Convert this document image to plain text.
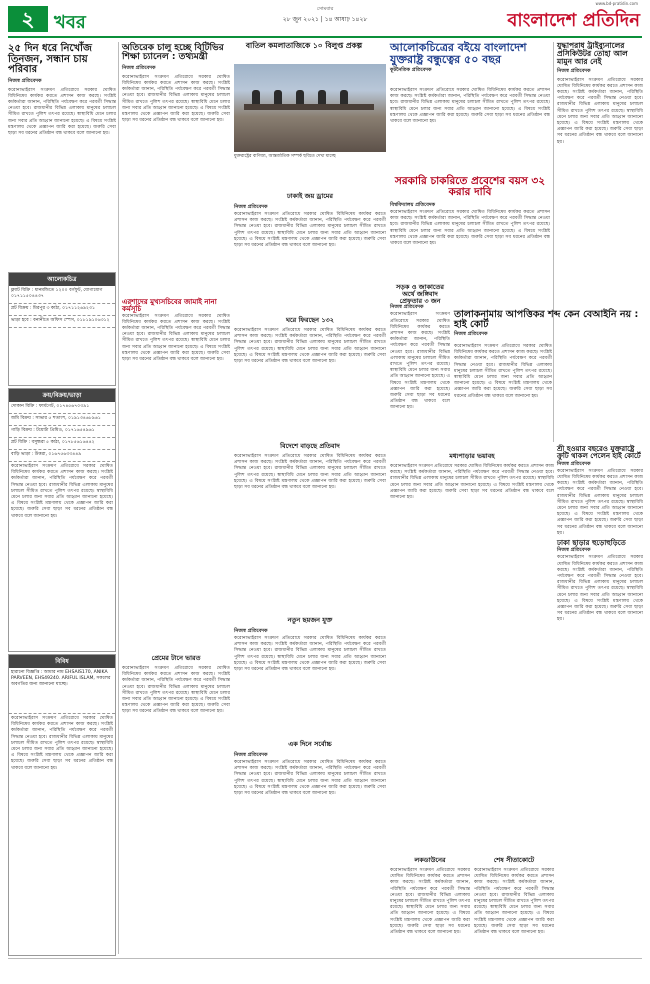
২	খবর
সোমবার
২৮ জুন ২০২১ | ১৪ আষাঢ় ১৪২৮	বাংলাদেশ প্রতিদিন
www.bd-pratidin.com
২৫ দিন ধরে নিখোঁজ তিনজন, সন্ধান চায় পরিবার
নিজস্ব প্রতিবেদক
করোনাভাইরাস সংক্রমণ প্রতিরোধে সরকার ঘোষিত বিধিনিষেধ কার্যকর করতে প্রশাসন কাজ করছে। সংশ্লিষ্ট কর্মকর্তারা জানান, পরিস্থিতি পর্যবেক্ষণ করে পরবর্তী সিদ্ধান্ত নেওয়া হবে। রাজধানীর বিভিন্ন এলাকায় মানুষের চলাচল সীমিত রাখতে পুলিশ তৎপর রয়েছে। স্বাস্থ্যবিধি মেনে চলার জন্য সবার প্রতি আহ্বান জানানো হয়েছে। এ বিষয়ে সংশ্লিষ্ট মন্ত্রণালয় থেকে প্রজ্ঞাপন জারি করা হয়েছে। জরুরি সেবা ছাড়া সব ধরনের প্রতিষ্ঠান বন্ধ থাকবে বলে জানানো হয়।
আলোকচিত্র
ফ্ল্যাট বিক্রি : ধানমন্ডিতে ১২০০ বর্গফুট, যোগাযোগ ০১৭১১৫০৪৪৩৭
প্লট বিক্রয় : মিরপুর ৩ কাঠা, ০১৭১১২৬৯২৩১
ভাড়া হবে : বনানীতে অফিস স্পেস, ০১৮১৯১০৬৩১২
ক্রয়/বিক্রয়/ভাড়া
দোকান বিক্রি : ফার্মগেট, ০১৭৪৫৬৭০৩৯১
জমি বিক্রয় : সাভার ৫ শতাংশ, ০১৯১৩৪৬৮৯৬১
গাড়ি বিক্রয় : টয়োটা প্রিমিও, ০১৭১৬৫৪৯৬১
প্লট বিক্রি : বসুন্ধরা ৫ কাঠা, ০১৭৮৫৬১৬৪৪২
বাড়ি ভাড়া : উত্তরা, ০১৬৭৫৬৩৩৪৪৯
করোনাভাইরাস সংক্রমণ প্রতিরোধে সরকার ঘোষিত বিধিনিষেধ কার্যকর করতে প্রশাসন কাজ করছে। সংশ্লিষ্ট কর্মকর্তারা জানান, পরিস্থিতি পর্যবেক্ষণ করে পরবর্তী সিদ্ধান্ত নেওয়া হবে। রাজধানীর বিভিন্ন এলাকায় মানুষের চলাচল সীমিত রাখতে পুলিশ তৎপর রয়েছে। স্বাস্থ্যবিধি মেনে চলার জন্য সবার প্রতি আহ্বান জানানো হয়েছে। এ বিষয়ে সংশ্লিষ্ট মন্ত্রণালয় থেকে প্রজ্ঞাপন জারি করা হয়েছে। জরুরি সেবা ছাড়া সব ধরনের প্রতিষ্ঠান বন্ধ থাকবে বলে জানানো হয়।
বিবিধ
হারানো বিজ্ঞপ্তি : আমার নাম EHSAIS170, ANIKA PARVEEN, EHS49240. ARIFUL ISLAM, সকলের অবগতির জন্য জানানো যাচ্ছে।
করোনাভাইরাস সংক্রমণ প্রতিরোধে সরকার ঘোষিত বিধিনিষেধ কার্যকর করতে প্রশাসন কাজ করছে। সংশ্লিষ্ট কর্মকর্তারা জানান, পরিস্থিতি পর্যবেক্ষণ করে পরবর্তী সিদ্ধান্ত নেওয়া হবে। রাজধানীর বিভিন্ন এলাকায় মানুষের চলাচল সীমিত রাখতে পুলিশ তৎপর রয়েছে। স্বাস্থ্যবিধি মেনে চলার জন্য সবার প্রতি আহ্বান জানানো হয়েছে। এ বিষয়ে সংশ্লিষ্ট মন্ত্রণালয় থেকে প্রজ্ঞাপন জারি করা হয়েছে। জরুরি সেবা ছাড়া সব ধরনের প্রতিষ্ঠান বন্ধ থাকবে বলে জানানো হয়।
অতিরেক চালু হচ্ছে বিটিভির শিক্ষা চ্যানেল : তথ্যমন্ত্রী
নিজস্ব প্রতিবেদক
করোনাভাইরাস সংক্রমণ প্রতিরোধে সরকার ঘোষিত বিধিনিষেধ কার্যকর করতে প্রশাসন কাজ করছে। সংশ্লিষ্ট কর্মকর্তারা জানান, পরিস্থিতি পর্যবেক্ষণ করে পরবর্তী সিদ্ধান্ত নেওয়া হবে। রাজধানীর বিভিন্ন এলাকায় মানুষের চলাচল সীমিত রাখতে পুলিশ তৎপর রয়েছে। স্বাস্থ্যবিধি মেনে চলার জন্য সবার প্রতি আহ্বান জানানো হয়েছে। এ বিষয়ে সংশ্লিষ্ট মন্ত্রণালয় থেকে প্রজ্ঞাপন জারি করা হয়েছে। জরুরি সেবা ছাড়া সব ধরনের প্রতিষ্ঠান বন্ধ থাকবে বলে জানানো হয়।
এরশাদের মুখ্যসচিবের জামাই নানা কর্মসূচি
করোনাভাইরাস সংক্রমণ প্রতিরোধে সরকার ঘোষিত বিধিনিষেধ কার্যকর করতে প্রশাসন কাজ করছে। সংশ্লিষ্ট কর্মকর্তারা জানান, পরিস্থিতি পর্যবেক্ষণ করে পরবর্তী সিদ্ধান্ত নেওয়া হবে। রাজধানীর বিভিন্ন এলাকায় মানুষের চলাচল সীমিত রাখতে পুলিশ তৎপর রয়েছে। স্বাস্থ্যবিধি মেনে চলার জন্য সবার প্রতি আহ্বান জানানো হয়েছে। এ বিষয়ে সংশ্লিষ্ট মন্ত্রণালয় থেকে প্রজ্ঞাপন জারি করা হয়েছে। জরুরি সেবা ছাড়া সব ধরনের প্রতিষ্ঠান বন্ধ থাকবে বলে জানানো হয়।
প্রেমের টানে ভারত
করোনাভাইরাস সংক্রমণ প্রতিরোধে সরকার ঘোষিত বিধিনিষেধ কার্যকর করতে প্রশাসন কাজ করছে। সংশ্লিষ্ট কর্মকর্তারা জানান, পরিস্থিতি পর্যবেক্ষণ করে পরবর্তী সিদ্ধান্ত নেওয়া হবে। রাজধানীর বিভিন্ন এলাকায় মানুষের চলাচল সীমিত রাখতে পুলিশ তৎপর রয়েছে। স্বাস্থ্যবিধি মেনে চলার জন্য সবার প্রতি আহ্বান জানানো হয়েছে। এ বিষয়ে সংশ্লিষ্ট মন্ত্রণালয় থেকে প্রজ্ঞাপন জারি করা হয়েছে। জরুরি সেবা ছাড়া সব ধরনের প্রতিষ্ঠান বন্ধ থাকবে বলে জানানো হয়।
বাতিল কমলাতাজিকে ১০ বিলুপ্ত প্রকল্প
যুক্তরাষ্ট্রের বাণিজ্য, আন্তর্জাতিক সম্পর্ক ছবিতে দেখা যাচ্ছে
ঢাকাই জয় ড্রামের
নিজস্ব প্রতিবেদক
করোনাভাইরাস সংক্রমণ প্রতিরোধে সরকার ঘোষিত বিধিনিষেধ কার্যকর করতে প্রশাসন কাজ করছে। সংশ্লিষ্ট কর্মকর্তারা জানান, পরিস্থিতি পর্যবেক্ষণ করে পরবর্তী সিদ্ধান্ত নেওয়া হবে। রাজধানীর বিভিন্ন এলাকায় মানুষের চলাচল সীমিত রাখতে পুলিশ তৎপর রয়েছে। স্বাস্থ্যবিধি মেনে চলার জন্য সবার প্রতি আহ্বান জানানো হয়েছে। এ বিষয়ে সংশ্লিষ্ট মন্ত্রণালয় থেকে প্রজ্ঞাপন জারি করা হয়েছে। জরুরি সেবা ছাড়া সব ধরনের প্রতিষ্ঠান বন্ধ থাকবে বলে জানানো হয়।
ঘরে ফিরছেন ১৩২
করোনাভাইরাস সংক্রমণ প্রতিরোধে সরকার ঘোষিত বিধিনিষেধ কার্যকর করতে প্রশাসন কাজ করছে। সংশ্লিষ্ট কর্মকর্তারা জানান, পরিস্থিতি পর্যবেক্ষণ করে পরবর্তী সিদ্ধান্ত নেওয়া হবে। রাজধানীর বিভিন্ন এলাকায় মানুষের চলাচল সীমিত রাখতে পুলিশ তৎপর রয়েছে। স্বাস্থ্যবিধি মেনে চলার জন্য সবার প্রতি আহ্বান জানানো হয়েছে। এ বিষয়ে সংশ্লিষ্ট মন্ত্রণালয় থেকে প্রজ্ঞাপন জারি করা হয়েছে। জরুরি সেবা ছাড়া সব ধরনের প্রতিষ্ঠান বন্ধ থাকবে বলে জানানো হয়।
বিদেশে বাড়ছে প্রতিবাদ
করোনাভাইরাস সংক্রমণ প্রতিরোধে সরকার ঘোষিত বিধিনিষেধ কার্যকর করতে প্রশাসন কাজ করছে। সংশ্লিষ্ট কর্মকর্তারা জানান, পরিস্থিতি পর্যবেক্ষণ করে পরবর্তী সিদ্ধান্ত নেওয়া হবে। রাজধানীর বিভিন্ন এলাকায় মানুষের চলাচল সীমিত রাখতে পুলিশ তৎপর রয়েছে। স্বাস্থ্যবিধি মেনে চলার জন্য সবার প্রতি আহ্বান জানানো হয়েছে। এ বিষয়ে সংশ্লিষ্ট মন্ত্রণালয় থেকে প্রজ্ঞাপন জারি করা হয়েছে। জরুরি সেবা ছাড়া সব ধরনের প্রতিষ্ঠান বন্ধ থাকবে বলে জানানো হয়।
আলোকচিত্রের বইয়ে বাংলাদেশ
যুক্তরাষ্ট্র বন্ধুত্বের ৫০ বছর
কূটনৈতিক প্রতিবেদক
করোনাভাইরাস সংক্রমণ প্রতিরোধে সরকার ঘোষিত বিধিনিষেধ কার্যকর করতে প্রশাসন কাজ করছে। সংশ্লিষ্ট কর্মকর্তারা জানান, পরিস্থিতি পর্যবেক্ষণ করে পরবর্তী সিদ্ধান্ত নেওয়া হবে। রাজধানীর বিভিন্ন এলাকায় মানুষের চলাচল সীমিত রাখতে পুলিশ তৎপর রয়েছে। স্বাস্থ্যবিধি মেনে চলার জন্য সবার প্রতি আহ্বান জানানো হয়েছে। এ বিষয়ে সংশ্লিষ্ট মন্ত্রণালয় থেকে প্রজ্ঞাপন জারি করা হয়েছে। জরুরি সেবা ছাড়া সব ধরনের প্রতিষ্ঠান বন্ধ থাকবে বলে জানানো হয়।
যুদ্ধাপরাধ ট্রাইব্যুনালের প্রসিকিউটর তোহা আল মামুন আর নেই
নিজস্ব প্রতিবেদক
করোনাভাইরাস সংক্রমণ প্রতিরোধে সরকার ঘোষিত বিধিনিষেধ কার্যকর করতে প্রশাসন কাজ করছে। সংশ্লিষ্ট কর্মকর্তারা জানান, পরিস্থিতি পর্যবেক্ষণ করে পরবর্তী সিদ্ধান্ত নেওয়া হবে। রাজধানীর বিভিন্ন এলাকায় মানুষের চলাচল সীমিত রাখতে পুলিশ তৎপর রয়েছে। স্বাস্থ্যবিধি মেনে চলার জন্য সবার প্রতি আহ্বান জানানো হয়েছে। এ বিষয়ে সংশ্লিষ্ট মন্ত্রণালয় থেকে প্রজ্ঞাপন জারি করা হয়েছে। জরুরি সেবা ছাড়া সব ধরনের প্রতিষ্ঠান বন্ধ থাকবে বলে জানানো হয়।
সরকারি চাকরিতে প্রবেশের বয়স ৩২ করার দাবি
বিশ্ববিদ্যালয় প্রতিবেদক
করোনাভাইরাস সংক্রমণ প্রতিরোধে সরকার ঘোষিত বিধিনিষেধ কার্যকর করতে প্রশাসন কাজ করছে। সংশ্লিষ্ট কর্মকর্তারা জানান, পরিস্থিতি পর্যবেক্ষণ করে পরবর্তী সিদ্ধান্ত নেওয়া হবে। রাজধানীর বিভিন্ন এলাকায় মানুষের চলাচল সীমিত রাখতে পুলিশ তৎপর রয়েছে। স্বাস্থ্যবিধি মেনে চলার জন্য সবার প্রতি আহ্বান জানানো হয়েছে। এ বিষয়ে সংশ্লিষ্ট মন্ত্রণালয় থেকে প্রজ্ঞাপন জারি করা হয়েছে। জরুরি সেবা ছাড়া সব ধরনের প্রতিষ্ঠান বন্ধ থাকবে বলে জানানো হয়।
সড়ক ও জাকাতের অর্থে জঙ্গিবাদ প্রেফতার ৩ জন
নিজস্ব প্রতিবেদক
করোনাভাইরাস সংক্রমণ প্রতিরোধে সরকার ঘোষিত বিধিনিষেধ কার্যকর করতে প্রশাসন কাজ করছে। সংশ্লিষ্ট কর্মকর্তারা জানান, পরিস্থিতি পর্যবেক্ষণ করে পরবর্তী সিদ্ধান্ত নেওয়া হবে। রাজধানীর বিভিন্ন এলাকায় মানুষের চলাচল সীমিত রাখতে পুলিশ তৎপর রয়েছে। স্বাস্থ্যবিধি মেনে চলার জন্য সবার প্রতি আহ্বান জানানো হয়েছে। এ বিষয়ে সংশ্লিষ্ট মন্ত্রণালয় থেকে প্রজ্ঞাপন জারি করা হয়েছে। জরুরি সেবা ছাড়া সব ধরনের প্রতিষ্ঠান বন্ধ থাকবে বলে জানানো হয়।
তালাকনামায় আপত্তিকর শব্দ কেন বেআইনি নয় : হাই কোর্ট
নিজস্ব প্রতিবেদক
করোনাভাইরাস সংক্রমণ প্রতিরোধে সরকার ঘোষিত বিধিনিষেধ কার্যকর করতে প্রশাসন কাজ করছে। সংশ্লিষ্ট কর্মকর্তারা জানান, পরিস্থিতি পর্যবেক্ষণ করে পরবর্তী সিদ্ধান্ত নেওয়া হবে। রাজধানীর বিভিন্ন এলাকায় মানুষের চলাচল সীমিত রাখতে পুলিশ তৎপর রয়েছে। স্বাস্থ্যবিধি মেনে চলার জন্য সবার প্রতি আহ্বান জানানো হয়েছে। এ বিষয়ে সংশ্লিষ্ট মন্ত্রণালয় থেকে প্রজ্ঞাপন জারি করা হয়েছে। জরুরি সেবা ছাড়া সব ধরনের প্রতিষ্ঠান বন্ধ থাকবে বলে জানানো হয়।
শ্রী হওয়ার বছরেও যুক্তরাষ্ট্রে ক্রুটি থাকল পেলেন হাই কোর্টে
নিজস্ব প্রতিবেদক
করোনাভাইরাস সংক্রমণ প্রতিরোধে সরকার ঘোষিত বিধিনিষেধ কার্যকর করতে প্রশাসন কাজ করছে। সংশ্লিষ্ট কর্মকর্তারা জানান, পরিস্থিতি পর্যবেক্ষণ করে পরবর্তী সিদ্ধান্ত নেওয়া হবে। রাজধানীর বিভিন্ন এলাকায় মানুষের চলাচল সীমিত রাখতে পুলিশ তৎপর রয়েছে। স্বাস্থ্যবিধি মেনে চলার জন্য সবার প্রতি আহ্বান জানানো হয়েছে। এ বিষয়ে সংশ্লিষ্ট মন্ত্রণালয় থেকে প্রজ্ঞাপন জারি করা হয়েছে। জরুরি সেবা ছাড়া সব ধরনের প্রতিষ্ঠান বন্ধ থাকবে বলে জানানো হয়।
মধ্যপাড়ার ভয়াবহ
করোনাভাইরাস সংক্রমণ প্রতিরোধে সরকার ঘোষিত বিধিনিষেধ কার্যকর করতে প্রশাসন কাজ করছে। সংশ্লিষ্ট কর্মকর্তারা জানান, পরিস্থিতি পর্যবেক্ষণ করে পরবর্তী সিদ্ধান্ত নেওয়া হবে। রাজধানীর বিভিন্ন এলাকায় মানুষের চলাচল সীমিত রাখতে পুলিশ তৎপর রয়েছে। স্বাস্থ্যবিধি মেনে চলার জন্য সবার প্রতি আহ্বান জানানো হয়েছে। এ বিষয়ে সংশ্লিষ্ট মন্ত্রণালয় থেকে প্রজ্ঞাপন জারি করা হয়েছে। জরুরি সেবা ছাড়া সব ধরনের প্রতিষ্ঠান বন্ধ থাকবে বলে জানানো হয়।
ঢাকা ছাড়ার হুড়োহুড়িতে
নিজস্ব প্রতিবেদক
করোনাভাইরাস সংক্রমণ প্রতিরোধে সরকার ঘোষিত বিধিনিষেধ কার্যকর করতে প্রশাসন কাজ করছে। সংশ্লিষ্ট কর্মকর্তারা জানান, পরিস্থিতি পর্যবেক্ষণ করে পরবর্তী সিদ্ধান্ত নেওয়া হবে। রাজধানীর বিভিন্ন এলাকায় মানুষের চলাচল সীমিত রাখতে পুলিশ তৎপর রয়েছে। স্বাস্থ্যবিধি মেনে চলার জন্য সবার প্রতি আহ্বান জানানো হয়েছে। এ বিষয়ে সংশ্লিষ্ট মন্ত্রণালয় থেকে প্রজ্ঞাপন জারি করা হয়েছে। জরুরি সেবা ছাড়া সব ধরনের প্রতিষ্ঠান বন্ধ থাকবে বলে জানানো হয়।
নতুন ছয়জন যুক্ত
নিজস্ব প্রতিবেদক
করোনাভাইরাস সংক্রমণ প্রতিরোধে সরকার ঘোষিত বিধিনিষেধ কার্যকর করতে প্রশাসন কাজ করছে। সংশ্লিষ্ট কর্মকর্তারা জানান, পরিস্থিতি পর্যবেক্ষণ করে পরবর্তী সিদ্ধান্ত নেওয়া হবে। রাজধানীর বিভিন্ন এলাকায় মানুষের চলাচল সীমিত রাখতে পুলিশ তৎপর রয়েছে। স্বাস্থ্যবিধি মেনে চলার জন্য সবার প্রতি আহ্বান জানানো হয়েছে। এ বিষয়ে সংশ্লিষ্ট মন্ত্রণালয় থেকে প্রজ্ঞাপন জারি করা হয়েছে। জরুরি সেবা ছাড়া সব ধরনের প্রতিষ্ঠান বন্ধ থাকবে বলে জানানো হয়।
এক দিনে সর্বোচ্চ
নিজস্ব প্রতিবেদক
করোনাভাইরাস সংক্রমণ প্রতিরোধে সরকার ঘোষিত বিধিনিষেধ কার্যকর করতে প্রশাসন কাজ করছে। সংশ্লিষ্ট কর্মকর্তারা জানান, পরিস্থিতি পর্যবেক্ষণ করে পরবর্তী সিদ্ধান্ত নেওয়া হবে। রাজধানীর বিভিন্ন এলাকায় মানুষের চলাচল সীমিত রাখতে পুলিশ তৎপর রয়েছে। স্বাস্থ্যবিধি মেনে চলার জন্য সবার প্রতি আহ্বান জানানো হয়েছে। এ বিষয়ে সংশ্লিষ্ট মন্ত্রণালয় থেকে প্রজ্ঞাপন জারি করা হয়েছে। জরুরি সেবা ছাড়া সব ধরনের প্রতিষ্ঠান বন্ধ থাকবে বলে জানানো হয়।
লকডাউনের
করোনাভাইরাস সংক্রমণ প্রতিরোধে সরকার ঘোষিত বিধিনিষেধ কার্যকর করতে প্রশাসন কাজ করছে। সংশ্লিষ্ট কর্মকর্তারা জানান, পরিস্থিতি পর্যবেক্ষণ করে পরবর্তী সিদ্ধান্ত নেওয়া হবে। রাজধানীর বিভিন্ন এলাকায় মানুষের চলাচল সীমিত রাখতে পুলিশ তৎপর রয়েছে। স্বাস্থ্যবিধি মেনে চলার জন্য সবার প্রতি আহ্বান জানানো হয়েছে। এ বিষয়ে সংশ্লিষ্ট মন্ত্রণালয় থেকে প্রজ্ঞাপন জারি করা হয়েছে। জরুরি সেবা ছাড়া সব ধরনের প্রতিষ্ঠান বন্ধ থাকবে বলে জানানো হয়।
শেষ সীতাকোটে
করোনাভাইরাস সংক্রমণ প্রতিরোধে সরকার ঘোষিত বিধিনিষেধ কার্যকর করতে প্রশাসন কাজ করছে। সংশ্লিষ্ট কর্মকর্তারা জানান, পরিস্থিতি পর্যবেক্ষণ করে পরবর্তী সিদ্ধান্ত নেওয়া হবে। রাজধানীর বিভিন্ন এলাকায় মানুষের চলাচল সীমিত রাখতে পুলিশ তৎপর রয়েছে। স্বাস্থ্যবিধি মেনে চলার জন্য সবার প্রতি আহ্বান জানানো হয়েছে। এ বিষয়ে সংশ্লিষ্ট মন্ত্রণালয় থেকে প্রজ্ঞাপন জারি করা হয়েছে। জরুরি সেবা ছাড়া সব ধরনের প্রতিষ্ঠান বন্ধ থাকবে বলে জানানো হয়।
